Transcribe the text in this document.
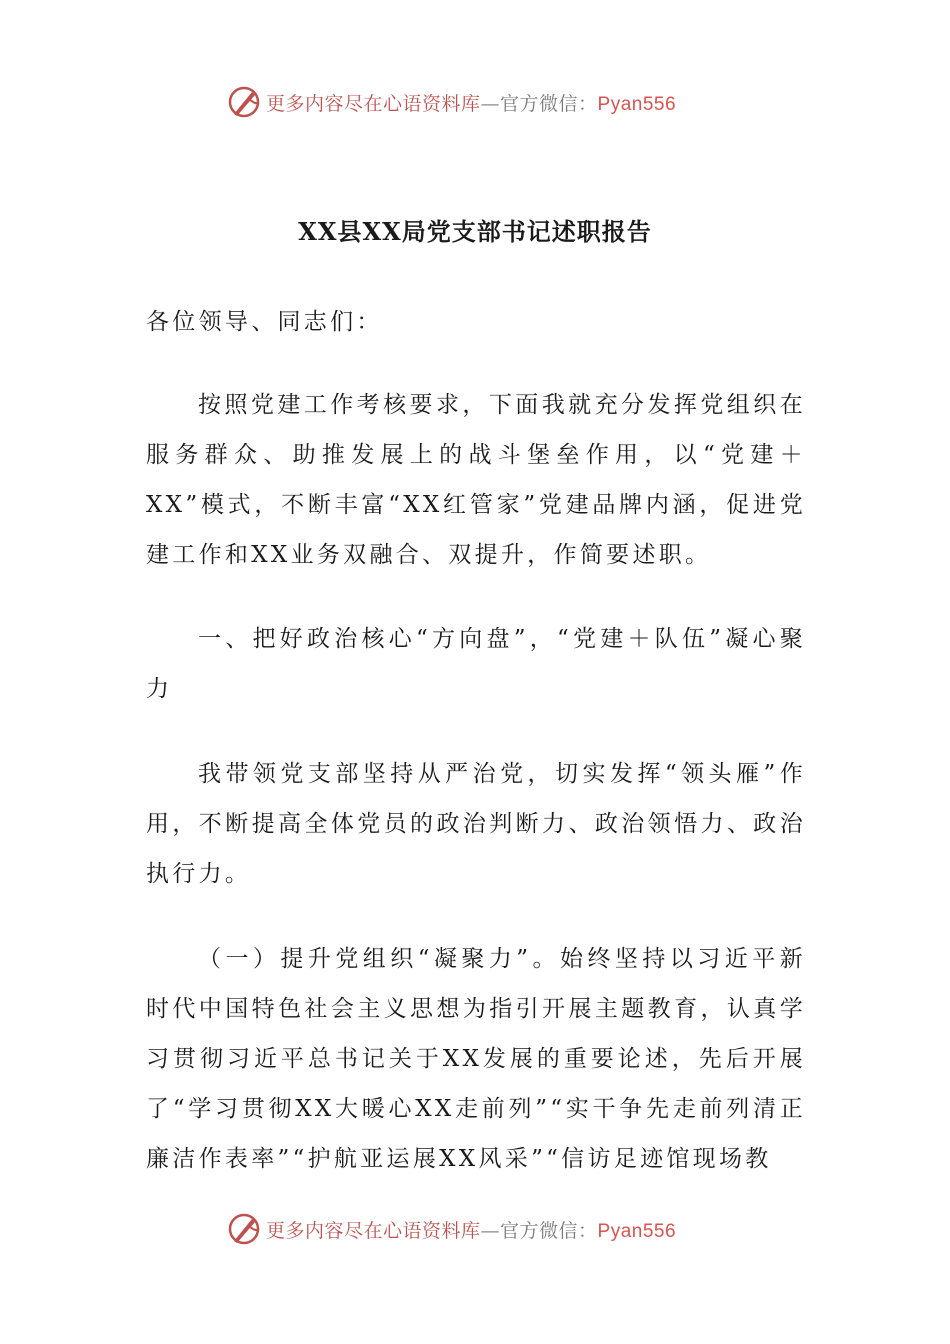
更多内容尽在心语资料库—官方微信：Pyan556
XX县XX局党支部书记述职报告

各位领导、同志们：

按照党建工作考核要求，下面我就充分发挥党组织在服务群众、助推发展上的战斗堡垒作用，以“党建＋XX”模式，不断丰富“XX红管家”党建品牌内涵，促进党建工作和XX业务双融合、双提升，作简要述职。

一、把好政治核心“方向盘”，“党建＋队伍”凝心聚力

我带领党支部坚持从严治党，切实发挥“领头雁”作用，不断提高全体党员的政治判断力、政治领悟力、政治执行力。

（一）提升党组织“凝聚力”。始终坚持以习近平新时代中国特色社会主义思想为指引开展主题教育，认真学习贯彻习近平总书记关于XX发展的重要论述，先后开展了“学习贯彻XX大暖心XX走前列”“实干争先走前列清正廉洁作表率”“护航亚运展XX风采”“信访足迹馆现场教

更多内容尽在心语资料库—官方微信：Pyan556
